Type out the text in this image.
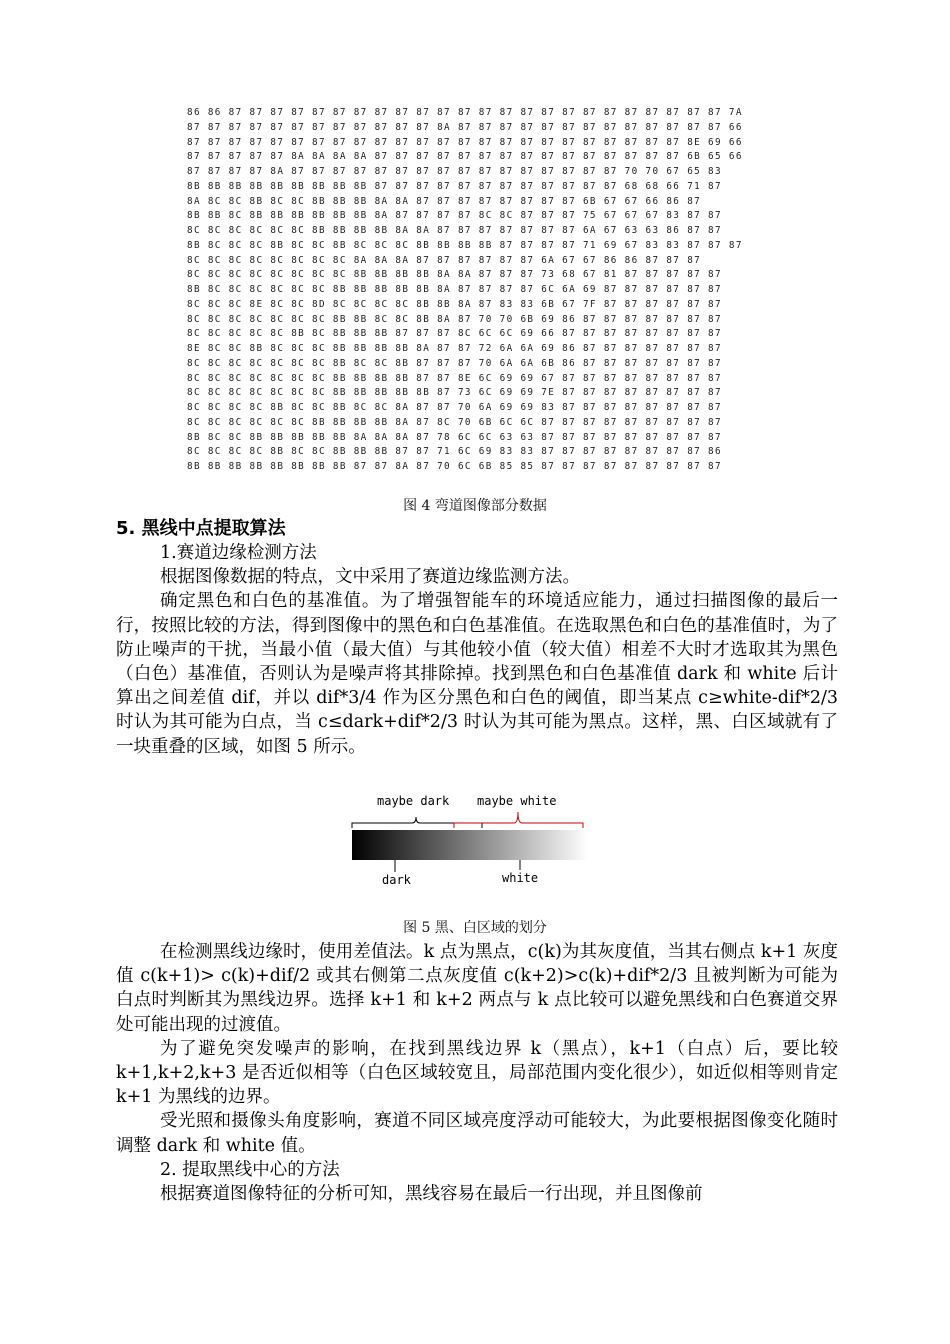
86 86 87 87 87 87 87 87 87 87 87 87 87 87 87 87 87 87 87 87 87 87 87 87 87 87 7A
87 87 87 87 87 87 87 87 87 87 87 87 8A 87 87 87 87 87 87 87 87 87 87 87 87 87 66
87 87 87 87 87 87 87 87 87 87 87 87 87 87 87 87 87 87 87 87 87 87 87 87 8E 69 66
87 87 87 87 87 8A 8A 8A 8A 87 87 87 87 87 87 87 87 87 87 87 87 87 87 87 6B 65 66
87 87 87 87 8A 87 87 87 87 87 87 87 87 87 87 87 87 87 87 87 87 70 70 67 65 83
8B 8B 8B 8B 8B 8B 8B 8B 8B 87 87 87 87 87 87 87 87 87 87 87 87 68 68 66 71 87
8A 8C 8C 8B 8C 8C 8B 8B 8B 8A 8A 87 87 87 87 87 87 87 87 6B 67 67 66 86 87
8B 8B 8C 8B 8B 8B 8B 8B 8B 8A 87 87 87 87 8C 8C 87 87 87 75 67 67 67 83 87 87
8C 8C 8C 8C 8C 8C 8B 8B 8B 8B 8A 8A 87 87 87 87 87 87 87 6A 67 63 63 86 87 87
8B 8C 8C 8C 8B 8C 8C 8B 8C 8C 8C 8B 8B 8B 8B 87 87 87 87 71 69 67 83 83 87 87 87
8C 8C 8C 8C 8C 8C 8C 8C 8A 8A 8A 87 87 87 87 87 87 6A 67 67 86 86 87 87 87
8C 8C 8C 8C 8C 8C 8C 8C 8B 8B 8B 8B 8A 8A 87 87 87 73 68 67 81 87 87 87 87 87
8B 8C 8C 8C 8C 8C 8C 8B 8B 8B 8B 8B 8A 87 87 87 87 6C 6A 69 87 87 87 87 87 87
8C 8C 8C 8E 8C 8C 8D 8C 8C 8C 8C 8B 8B 8A 87 83 83 6B 67 7F 87 87 87 87 87 87
8C 8C 8C 8C 8C 8C 8C 8B 8B 8C 8C 8B 8A 87 70 70 6B 69 86 87 87 87 87 87 87 87
8C 8C 8C 8C 8C 8B 8C 8B 8B 8B 87 87 87 8C 6C 6C 69 66 87 87 87 87 87 87 87 87
8E 8C 8C 8B 8C 8C 8C 8B 8B 8B 8B 8A 87 87 72 6A 6A 69 86 87 87 87 87 87 87 87
8C 8C 8C 8C 8C 8C 8C 8B 8C 8C 8B 87 87 87 70 6A 6A 6B 86 87 87 87 87 87 87 87
8C 8C 8C 8C 8C 8C 8C 8B 8B 8B 8B 87 87 8E 6C 69 69 67 87 87 87 87 87 87 87 87
8C 8C 8C 8C 8C 8C 8C 8B 8B 8B 8B 8B 87 73 6C 69 69 7E 87 87 87 87 87 87 87 87
8C 8C 8C 8C 8B 8C 8C 8B 8C 8C 8A 87 87 70 6A 69 69 83 87 87 87 87 87 87 87 87
8C 8C 8C 8C 8C 8C 8B 8B 8B 8B 8A 87 8C 70 6B 6C 6C 87 87 87 87 87 87 87 87 87
8B 8C 8C 8B 8B 8B 8B 8B 8A 8A 8A 87 78 6C 6C 63 63 87 87 87 87 87 87 87 87 87
8C 8C 8C 8C 8B 8C 8C 8B 8B 8B 87 87 71 6C 69 83 83 87 87 87 87 87 87 87 87 86
8B 8B 8B 8B 8B 8B 8B 8B 87 87 8A 87 70 6C 6B 85 85 87 87 87 87 87 87 87 87 87
图 4 弯道图像部分数据
5. 黑线中点提取算法

1.赛道边缘检测方法

根据图像数据的特点，文中采用了赛道边缘监测方法。

确定黑色和白色的基准值。为了增强智能车的环境适应能力，通过扫描图像的最后一行，按照比较的方法，得到图像中的黑色和白色基准值。在选取黑色和白色的基准值时，为了防止噪声的干扰，当最小值（最大值）与其他较小值（较大值）相差不大时才选取其为黑色（白色）基准值，否则认为是噪声将其排除掉。找到黑色和白色基准值 dark 和 white 后计算出之间差值 dif，并以 dif*3/4 作为区分黑色和白色的阈值，即当某点 c≥white-dif*2/3 时认为其可能为白点，当 c≤dark+dif*2/3 时认为其可能为黑点。这样，黑、白区域就有了一块重叠的区域，如图 5 所示。

maybe dark maybe white
dark	white
图 5 黑、白区域的划分

在检测黑线边缘时，使用差值法。k 点为黑点，c(k)为其灰度值，当其右侧点 k+1 灰度值 c(k+1)> c(k)+dif/2 或其右侧第二点灰度值 c(k+2)>c(k)+dif*2/3 且被判断为可能为白点时判断其为黑线边界。选择 k+1 和 k+2 两点与 k 点比较可以避免黑线和白色赛道交界处可能出现的过渡值。

为了避免突发噪声的影响，在找到黑线边界 k（黑点），k+1（白点）后，要比较 k+1,k+2,k+3 是否近似相等（白色区域较宽且，局部范围内变化很少），如近似相等则肯定 k+1 为黑线的边界。

受光照和摄像头角度影响，赛道不同区域亮度浮动可能较大，为此要根据图像变化随时调整 dark 和 white 值。

2. 提取黑线中心的方法

根据赛道图像特征的分析可知，黑线容易在最后一行出现，并且图像前
